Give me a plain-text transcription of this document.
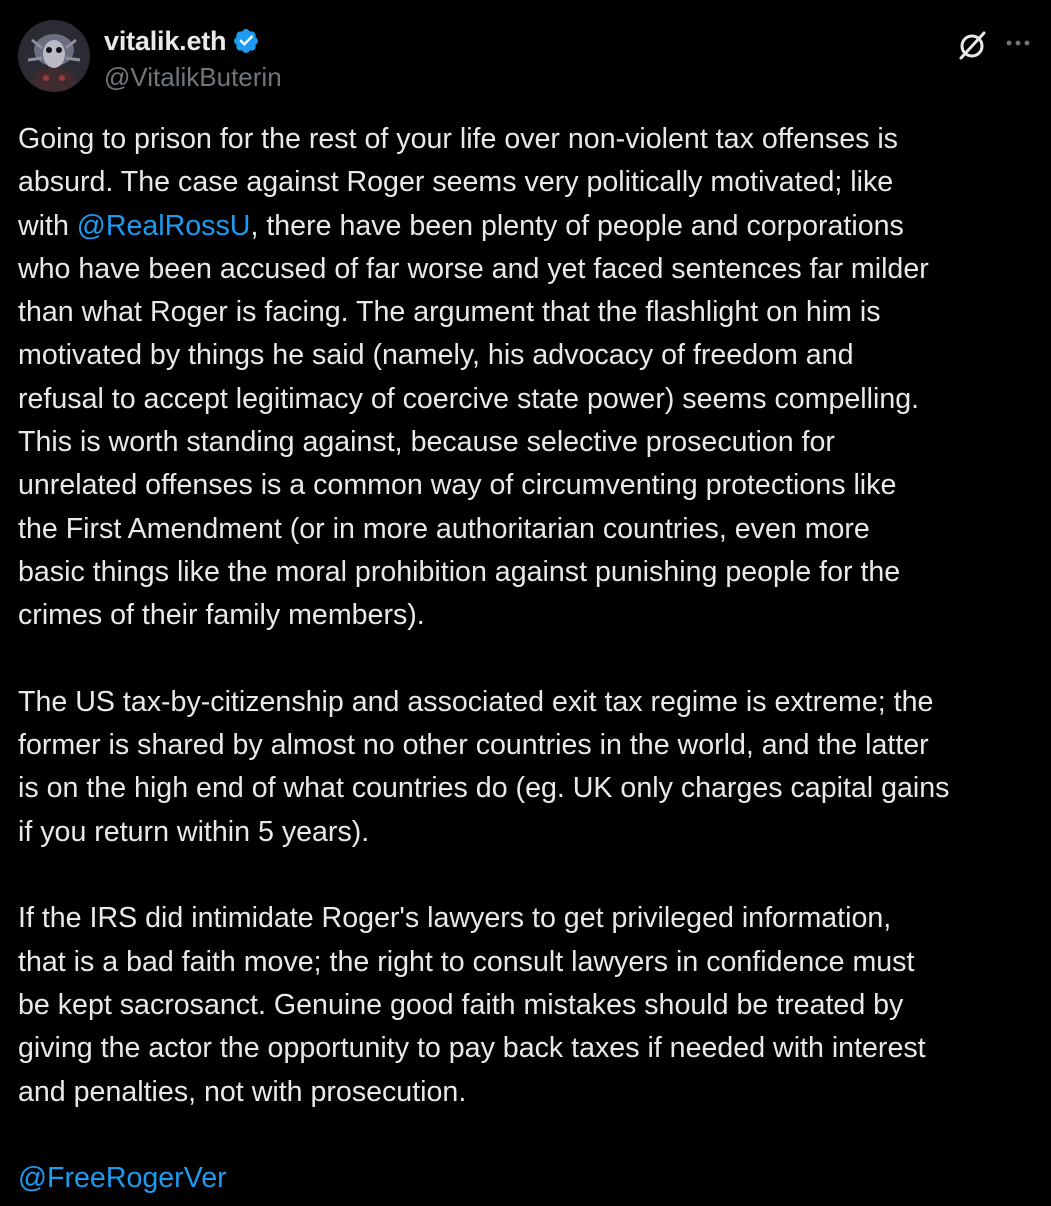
vitalik.eth
@VitalikButerin
Going to prison for the rest of your life over non-violent tax offenses is
absurd. The case against Roger seems very politically motivated; like
with @RealRossU, there have been plenty of people and corporations
who have been accused of far worse and yet faced sentences far milder
than what Roger is facing. The argument that the flashlight on him is
motivated by things he said (namely, his advocacy of freedom and
refusal to accept legitimacy of coercive state power) seems compelling.
This is worth standing against, because selective prosecution for
unrelated offenses is a common way of circumventing protections like
the First Amendment (or in more authoritarian countries, even more
basic things like the moral prohibition against punishing people for the
crimes of their family members).
The US tax-by-citizenship and associated exit tax regime is extreme; the
former is shared by almost no other countries in the world, and the latter
is on the high end of what countries do (eg. UK only charges capital gains
if you return within 5 years).
If the IRS did intimidate Roger's lawyers to get privileged information,
that is a bad faith move; the right to consult lawyers in confidence must
be kept sacrosanct. Genuine good faith mistakes should be treated by
giving the actor the opportunity to pay back taxes if needed with interest
and penalties, not with prosecution.
@FreeRogerVer
